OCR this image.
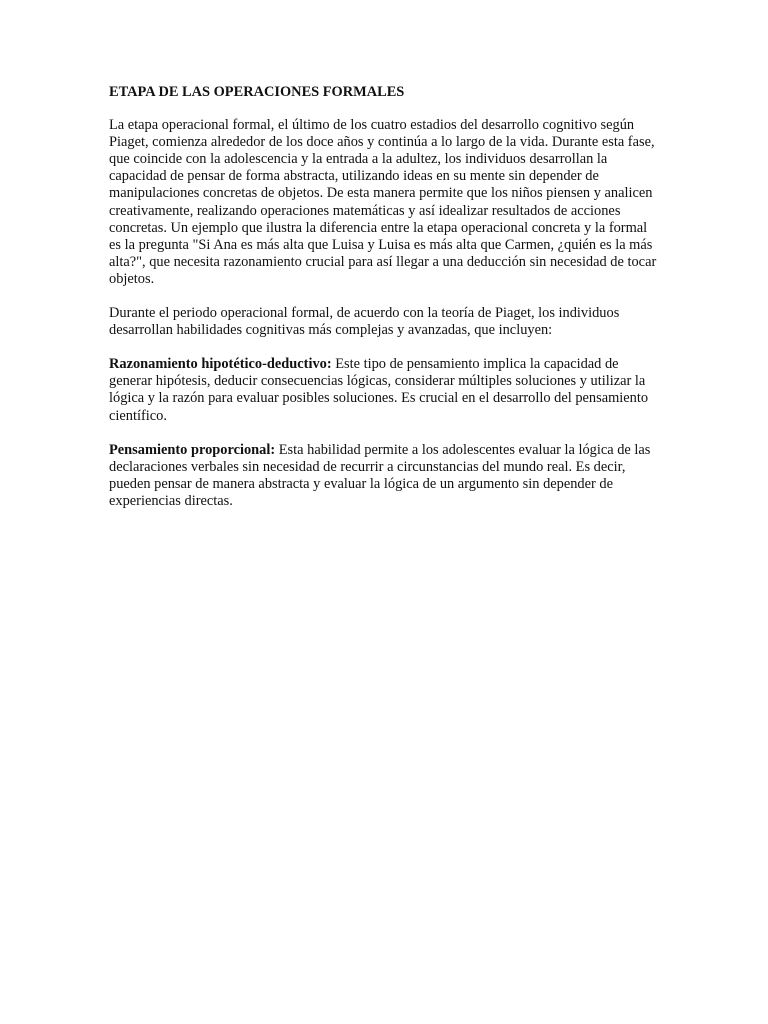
ETAPA DE LAS OPERACIONES FORMALES

La etapa operacional formal, el último de los cuatro estadios del desarrollo cognitivo según Piaget, comienza alrededor de los doce años y continúa a lo largo de la vida. Durante esta fase, que coincide con la adolescencia y la entrada a la adultez, los individuos desarrollan la capacidad de pensar de forma abstracta, utilizando ideas en su mente sin depender de manipulaciones concretas de objetos. De esta manera permite que los niños piensen y analicen creativamente, realizando operaciones matemáticas y así idealizar resultados de acciones concretas. Un ejemplo que ilustra la diferencia entre la etapa operacional concreta y la formal es la pregunta "Si Ana es más alta que Luisa y Luisa es más alta que Carmen, ¿quién es la más alta?", que necesita razonamiento crucial para así llegar a una deducción sin necesidad de tocar objetos.

Durante el periodo operacional formal, de acuerdo con la teoría de Piaget, los individuos desarrollan habilidades cognitivas más complejas y avanzadas, que incluyen:

Razonamiento hipotético-deductivo: Este tipo de pensamiento implica la capacidad de generar hipótesis, deducir consecuencias lógicas, considerar múltiples soluciones y utilizar la lógica y la razón para evaluar posibles soluciones. Es crucial en el desarrollo del pensamiento científico.

Pensamiento proporcional: Esta habilidad permite a los adolescentes evaluar la lógica de las declaraciones verbales sin necesidad de recurrir a circunstancias del mundo real. Es decir, pueden pensar de manera abstracta y evaluar la lógica de un argumento sin depender de experiencias directas.
